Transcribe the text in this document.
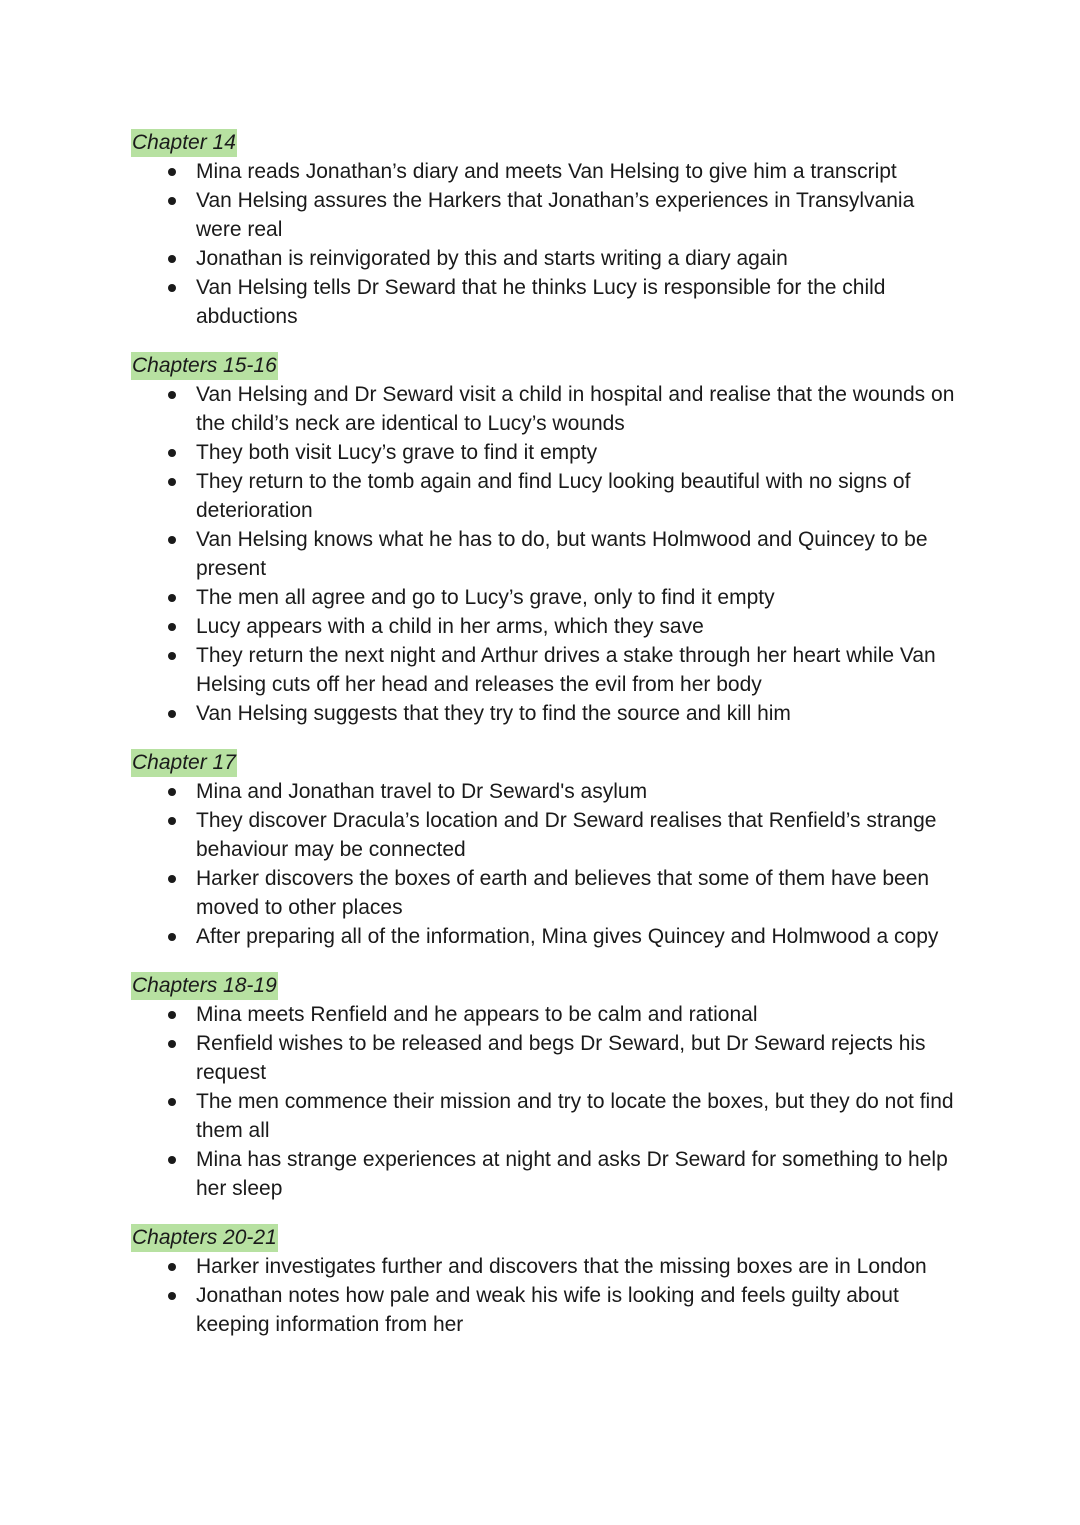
Chapter 14
Mina reads Jonathan’s diary and meets Van Helsing to give him a transcript
Van Helsing assures the Harkers that Jonathan’s experiences in Transylvania were real
Jonathan is reinvigorated by this and starts writing a diary again
Van Helsing tells Dr Seward that he thinks Lucy is responsible for the child abductions
Chapters 15-16
Van Helsing and Dr Seward visit a child in hospital and realise that the wounds on the child’s neck are identical to Lucy’s wounds
They both visit Lucy’s grave to find it empty
They return to the tomb again and find Lucy looking beautiful with no signs of deterioration
Van Helsing knows what he has to do, but wants Holmwood and Quincey to be present
The men all agree and go to Lucy’s grave, only to find it empty
Lucy appears with a child in her arms, which they save
They return the next night and Arthur drives a stake through her heart while Van Helsing cuts off her head and releases the evil from her body
Van Helsing suggests that they try to find the source and kill him
Chapter 17
Mina and Jonathan travel to Dr Seward's asylum
They discover Dracula’s location and Dr Seward realises that Renfield’s strange behaviour may be connected
Harker discovers the boxes of earth and believes that some of them have been moved to other places
After preparing all of the information, Mina gives Quincey and Holmwood a copy
Chapters 18-19
Mina meets Renfield and he appears to be calm and rational
Renfield wishes to be released and begs Dr Seward, but Dr Seward rejects his request
The men commence their mission and try to locate the boxes, but they do not find them all
Mina has strange experiences at night and asks Dr Seward for something to help her sleep
Chapters 20-21
Harker investigates further and discovers that the missing boxes are in London
Jonathan notes how pale and weak his wife is looking and feels guilty about keeping information from her
